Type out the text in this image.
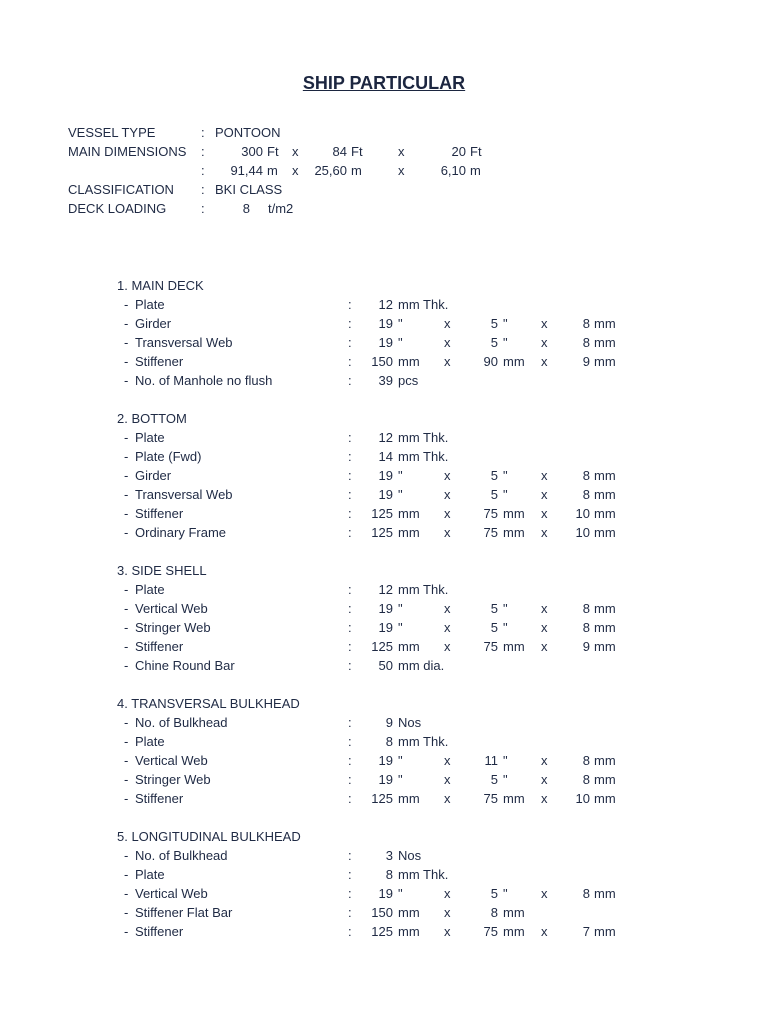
SHIP PARTICULAR
VESSEL TYPE	: PONTOON
MAIN DIMENSIONS :	300 Ft x	84 Ft	x	20 Ft
:	91,44 m x	25,60 m	x	6,10 m
CLASSIFICATION : BKI CLASS
DECK LOADING	:	8 t/m2
1. MAIN DECK
- Plate	:	12 mm Thk.
- Girder	:	19 "	x	5 "	x	8 mm
- Transversal Web	:	19 "	x	5 "	x	8 mm
- Stiffener	:	150 mm x	90 mm x	9 mm
- No. of Manhole no flush	:	39 pcs
2. BOTTOM
- Plate	:	12 mm Thk.
- Plate (Fwd)	:	14 mm Thk.
- Girder	:	19 "	x	5 "	x	8 mm
- Transversal Web	:	19 "	x	5 "	x	8 mm
- Stiffener	:	125 mm x	75 mm x	10 mm
- Ordinary Frame	:	125 mm x	75 mm x	10 mm
3. SIDE SHELL
- Plate	:	12 mm Thk.
- Vertical Web	:	19 "	x	5 "	x	8 mm
- Stringer Web	:	19 "	x	5 "	x	8 mm
- Stiffener	:	125 mm x	75 mm x	9 mm
- Chine Round Bar	:	50 mm dia.
4. TRANSVERSAL BULKHEAD
- No. of Bulkhead	:	9 Nos
- Plate	:	8 mm Thk.
- Vertical Web	:	19 "	x	11 "	x	8 mm
- Stringer Web	:	19 "	x	5 "	x	8 mm
- Stiffener	:	125 mm x	75 mm x	10 mm
5. LONGITUDINAL BULKHEAD
- No. of Bulkhead	:	3 Nos
- Plate	:	8 mm Thk.
- Vertical Web	:	19 "	x	5 "	x	8 mm
- Stiffener Flat Bar	:	150 mm x	8 mm
- Stiffener	:	125 mm x	75 mm x	7 mm
